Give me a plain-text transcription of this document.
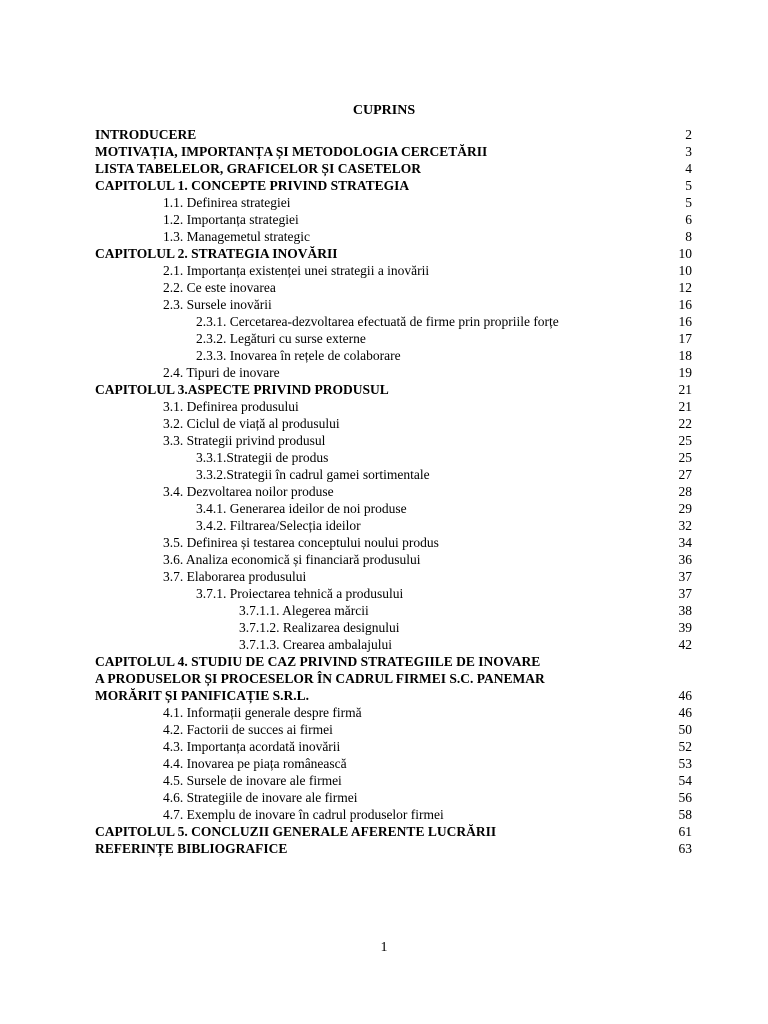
CUPRINS
INTRODUCERE	2
MOTIVAȚIA, IMPORTANȚA ȘI METODOLOGIA CERCETĂRII	3
LISTA TABELELOR, GRAFICELOR ȘI CASETELOR	4
CAPITOLUL 1. CONCEPTE PRIVIND STRATEGIA	5
1.1. Definirea strategiei	5
1.2. Importanța strategiei	6
1.3. Managemetul strategic	8
CAPITOLUL 2. STRATEGIA INOVĂRII	10
2.1. Importanța existenței unei strategii a inovării	10
2.2. Ce este inovarea	12
2.3. Sursele inovării	16
2.3.1. Cercetarea-dezvoltarea efectuată de firme prin propriile forțe	16
2.3.2. Legături cu surse externe	17
2.3.3. Inovarea în rețele de colaborare	18
2.4. Tipuri de inovare	19
CAPITOLUL 3.ASPECTE PRIVIND PRODUSUL	21
3.1. Definirea produsului	21
3.2. Ciclul de viață al produsului	22
3.3. Strategii privind produsul	25
3.3.1.Strategii de produs	25
3.3.2.Strategii în cadrul gamei sortimentale	27
3.4. Dezvoltarea noilor produse	28
3.4.1. Generarea ideilor de noi produse	29
3.4.2. Filtrarea/Selecția ideilor	32
3.5. Definirea și testarea conceptului noului produs	34
3.6. Analiza economică și financiară produsului	36
3.7. Elaborarea produsului	37
3.7.1. Proiectarea tehnică a produsului	37
3.7.1.1. Alegerea mărcii	38
3.7.1.2. Realizarea designului	39
3.7.1.3. Crearea ambalajului	42
CAPITOLUL 4. STUDIU DE CAZ PRIVIND STRATEGIILE DE INOVARE
A PRODUSELOR ȘI PROCESELOR ÎN CADRUL FIRMEI S.C. PANEMAR
MORĂRIT ȘI PANIFICAȚIE S.R.L.	46
4.1. Informații generale despre firmă	46
4.2. Factorii de succes ai firmei	50
4.3. Importanța acordată inovării	52
4.4. Inovarea pe piața românească	53
4.5. Sursele de inovare ale firmei	54
4.6. Strategiile de inovare ale firmei	56
4.7. Exemplu de inovare în cadrul produselor firmei	58
CAPITOLUL 5. CONCLUZII GENERALE AFERENTE LUCRĂRII	61
REFERINȚE BIBLIOGRAFICE	63
1
